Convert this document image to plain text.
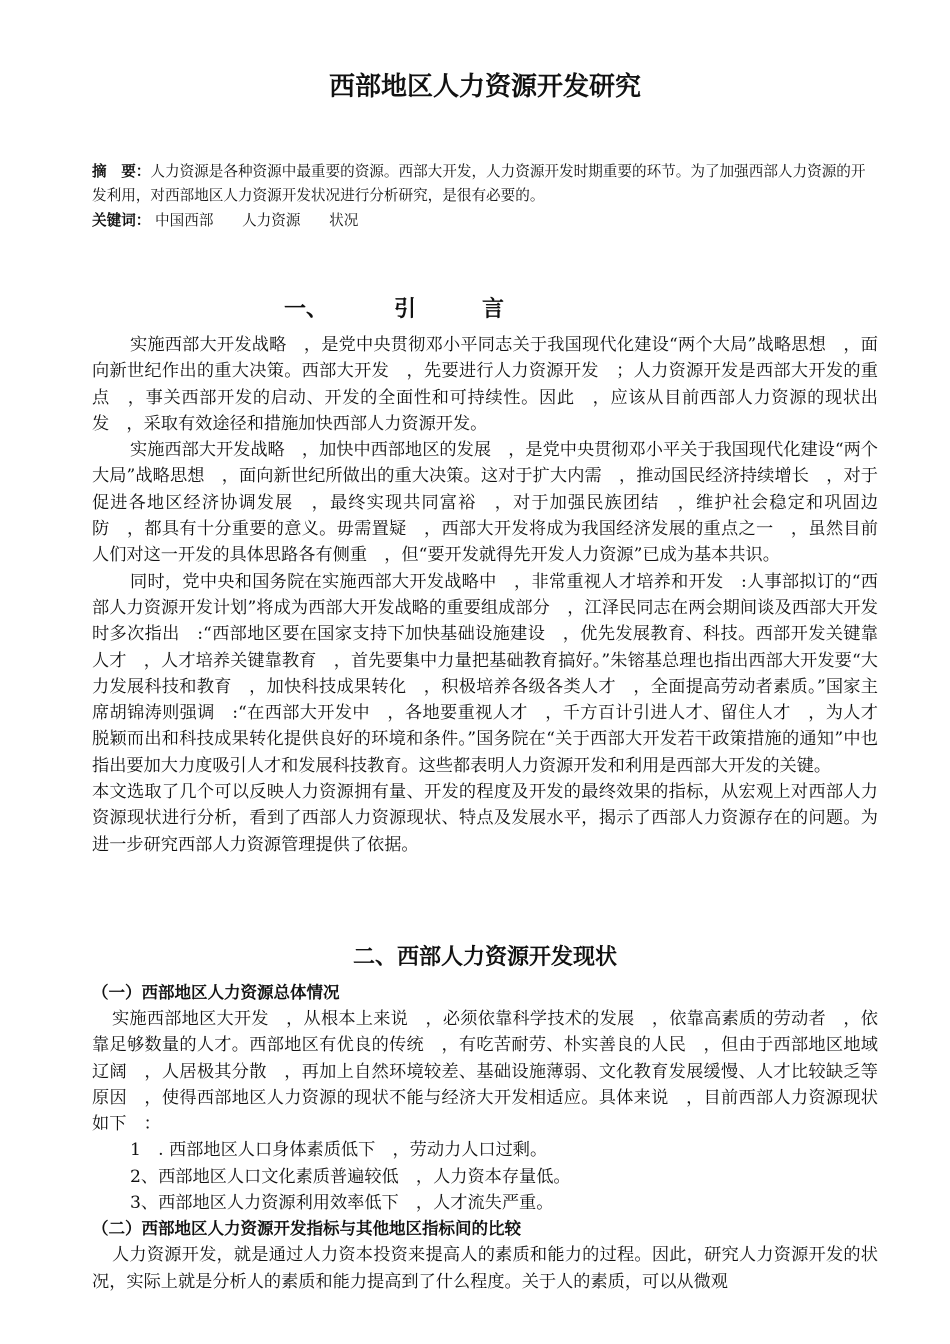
西部地区人力资源开发研究
摘　要：人力资源是各种资源中最重要的资源。西部大开发，人力资源开发时期重要的环节。为了加强西部人力资源的开发利用，对西部地区人力资源开发状况进行分析研究，是很有必要的。
关键词： 中国西部 人力资源 状况
一、	引	言

实施西部大开发战略　，是党中央贯彻邓小平同志关于我国现代化建设“两个大局”战略思想　，面向新世纪作出的重大决策。西部大开发　，先要进行人力资源开发　；人力资源开发是西部大开发的重点　，事关西部开发的启动、开发的全面性和可持续性。因此　，应该从目前西部人力资源的现状出发　，采取有效途径和措施加快西部人力资源开发。

实施西部大开发战略　，加快中西部地区的发展　，是党中央贯彻邓小平关于我国现代化建设“两个大局”战略思想　，面向新世纪所做出的重大决策。这对于扩大内需　，推动国民经济持续增长　，对于促进各地区经济协调发展　，最终实现共同富裕　，对于加强民族团结　，维护社会稳定和巩固边防　，都具有十分重要的意义。毋需置疑　，西部大开发将成为我国经济发展的重点之一　，虽然目前人们对这一开发的具体思路各有侧重　，但“要开发就得先开发人力资源”已成为基本共识。

同时，党中央和国务院在实施西部大开发战略中　，非常重视人才培养和开发　:人事部拟订的“西部人力资源开发计划”将成为西部大开发战略的重要组成部分　，江泽民同志在两会期间谈及西部大开发时多次指出　:“西部地区要在国家支持下加快基础设施建设　，优先发展教育、科技。西部开发关键靠人才　，人才培养关键靠教育　，首先要集中力量把基础教育搞好。”朱镕基总理也指出西部大开发要“大力发展科技和教育　，加快科技成果转化　，积极培养各级各类人才　，全面提高劳动者素质。”国家主席胡锦涛则强调　:“在西部大开发中　，各地要重视人才　，千方百计引进人才、留住人才　，为人才脱颖而出和科技成果转化提供良好的环境和条件。”国务院在“关于西部大开发若干政策措施的通知”中也指出要加大力度吸引人才和发展科技教育。这些都表明人力资源开发和利用是西部大开发的关键。

本文选取了几个可以反映人力资源拥有量、开发的程度及开发的最终效果的指标，从宏观上对西部人力资源现状进行分析，看到了西部人力资源现状、特点及发展水平，揭示了西部人力资源存在的问题。为进一步研究西部人力资源管理提供了依据。

二、西部人力资源开发现状

（一）西部地区人力资源总体情况

实施西部地区大开发　，从根本上来说　，必须依靠科学技术的发展　，依靠高素质的劳动者　，依靠足够数量的人才。西部地区有优良的传统　，有吃苦耐劳、朴实善良的人民　，但由于西部地区地域辽阔　，人居极其分散　，再加上自然环境较差、基础设施薄弱、文化教育发展缓慢、人才比较缺乏等原因　，使得西部地区人力资源的现状不能与经济大开发相适应。具体来说　，目前西部人力资源现状如下　：

1　. 西部地区人口身体素质低下　，劳动力人口过剩。

2、西部地区人口文化素质普遍较低　，人力资本存量低。

3、西部地区人力资源利用效率低下　，人才流失严重。

（二）西部地区人力资源开发指标与其他地区指标间的比较

人力资源开发，就是通过人力资本投资来提高人的素质和能力的过程。因此，研究人力资源开发的状况，实际上就是分析人的素质和能力提高到了什么程度。关于人的素质，可以从微观
